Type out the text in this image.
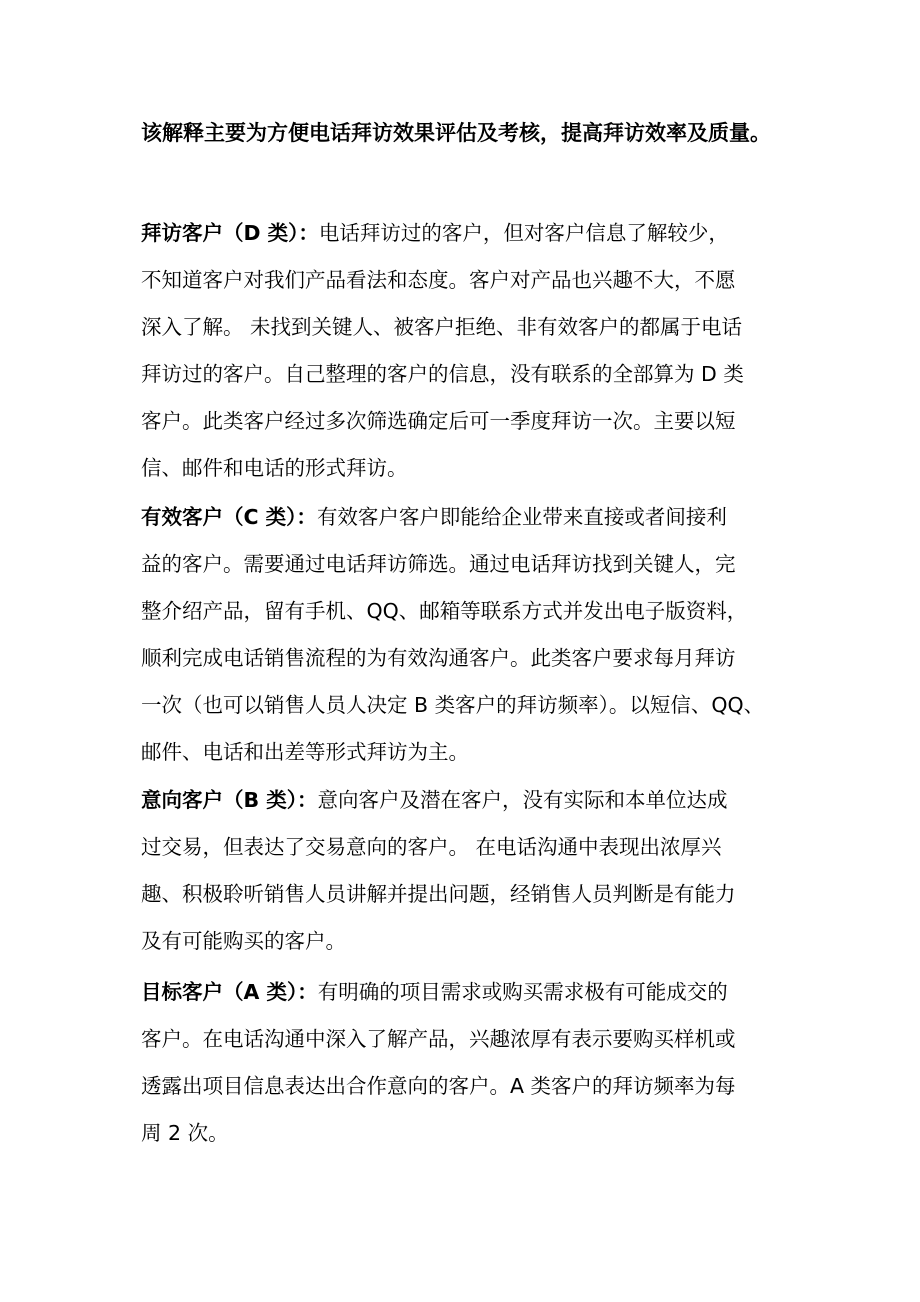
该解释主要为方便电话拜访效果评估及考核，提高拜访效率及质量。
拜访客户（D 类）：电话拜访过的客户，但对客户信息了解较少，
不知道客户对我们产品看法和态度。客户对产品也兴趣不大，不愿
深入了解。 未找到关键人、被客户拒绝、非有效客户的都属于电话
拜访过的客户。自己整理的客户的信息，没有联系的全部算为 D 类
客户。此类客户经过多次筛选确定后可一季度拜访一次。主要以短
信、邮件和电话的形式拜访。
有效客户（C 类）：有效客户客户即能给企业带来直接或者间接利
益的客户。需要通过电话拜访筛选。通过电话拜访找到关键人，完
整介绍产品，留有手机、QQ、邮箱等联系方式并发出电子版资料，
顺利完成电话销售流程的为有效沟通客户。此类客户要求每月拜访
一次（也可以销售人员人决定 B 类客户的拜访频率）。以短信、QQ、
邮件、电话和出差等形式拜访为主。
意向客户（B 类）：意向客户及潜在客户，没有实际和本单位达成
过交易，但表达了交易意向的客户。 在电话沟通中表现出浓厚兴
趣、积极聆听销售人员讲解并提出问题，经销售人员判断是有能力
及有可能购买的客户。
目标客户（A 类）：有明确的项目需求或购买需求极有可能成交的
客户。在电话沟通中深入了解产品，兴趣浓厚有表示要购买样机或
透露出项目信息表达出合作意向的客户。A 类客户的拜访频率为每
周 2 次。
